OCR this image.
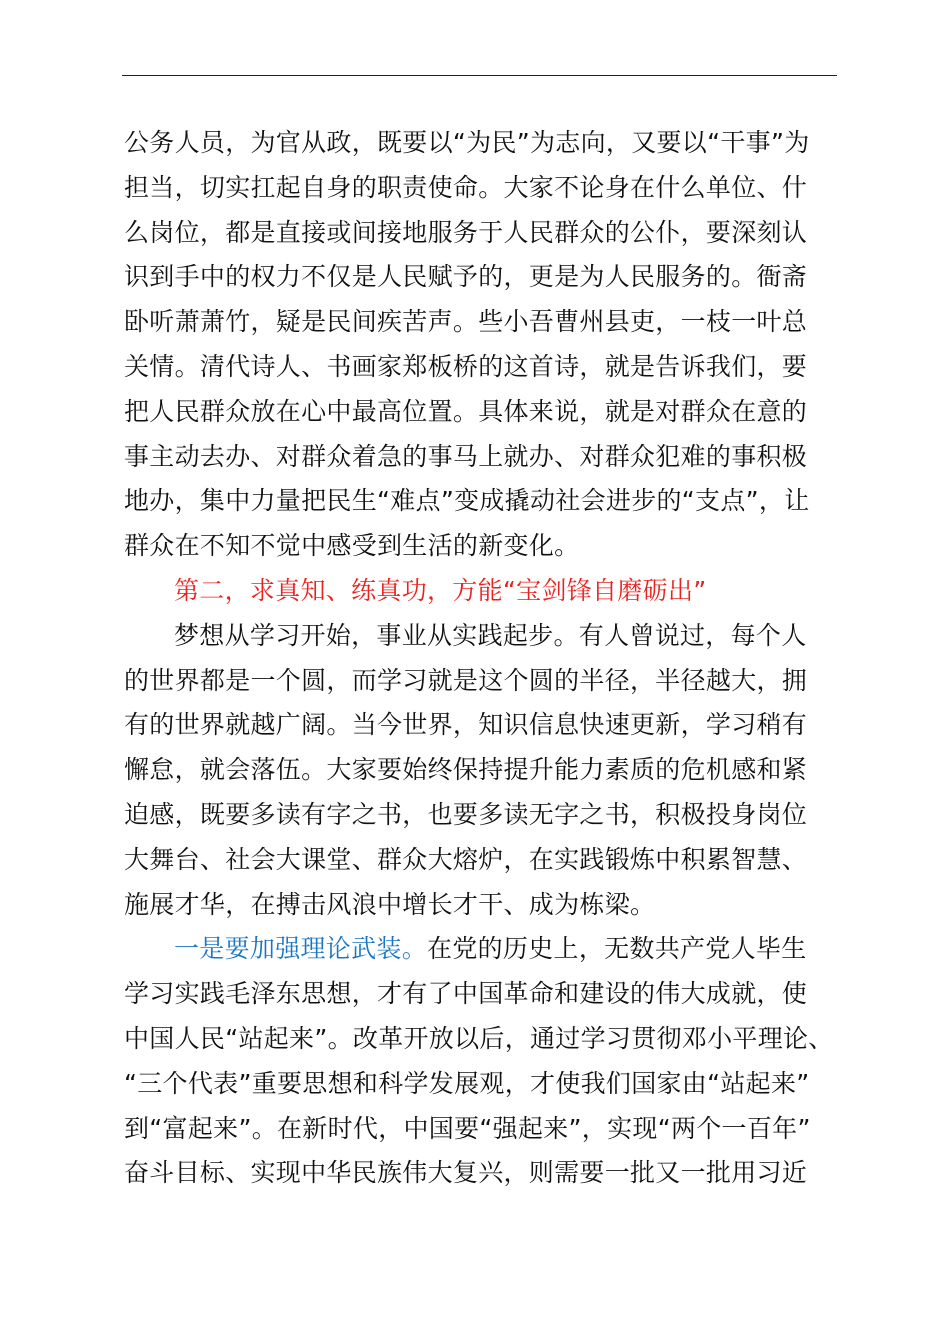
公务人员，为官从政，既要以“为民”为志向，又要以“干事”为
担当，切实扛起自身的职责使命。大家不论身在什么单位、什
么岗位，都是直接或间接地服务于人民群众的公仆，要深刻认
识到手中的权力不仅是人民赋予的，更是为人民服务的。衙斋
卧听萧萧竹，疑是民间疾苦声。些小吾曹州县吏，一枝一叶总
关情。清代诗人、书画家郑板桥的这首诗，就是告诉我们，要
把人民群众放在心中最高位置。具体来说，就是对群众在意的
事主动去办、对群众着急的事马上就办、对群众犯难的事积极
地办，集中力量把民生“难点”变成撬动社会进步的“支点”，让
群众在不知不觉中感受到生活的新变化。
第二，求真知、练真功，方能“宝剑锋自磨砺出”
梦想从学习开始，事业从实践起步。有人曾说过，每个人
的世界都是一个圆，而学习就是这个圆的半径，半径越大，拥
有的世界就越广阔。当今世界，知识信息快速更新，学习稍有
懈怠，就会落伍。大家要始终保持提升能力素质的危机感和紧
迫感，既要多读有字之书，也要多读无字之书，积极投身岗位
大舞台、社会大课堂、群众大熔炉，在实践锻炼中积累智慧、
施展才华，在搏击风浪中增长才干、成为栋梁。
一是要加强理论武装。在党的历史上，无数共产党人毕生
学习实践毛泽东思想，才有了中国革命和建设的伟大成就，使
中国人民“站起来”。改革开放以后，通过学习贯彻邓小平理论、
“三个代表”重要思想和科学发展观，才使我们国家由“站起来”
到“富起来”。在新时代，中国要“强起来”，实现“两个一百年”
奋斗目标、实现中华民族伟大复兴，则需要一批又一批用习近
